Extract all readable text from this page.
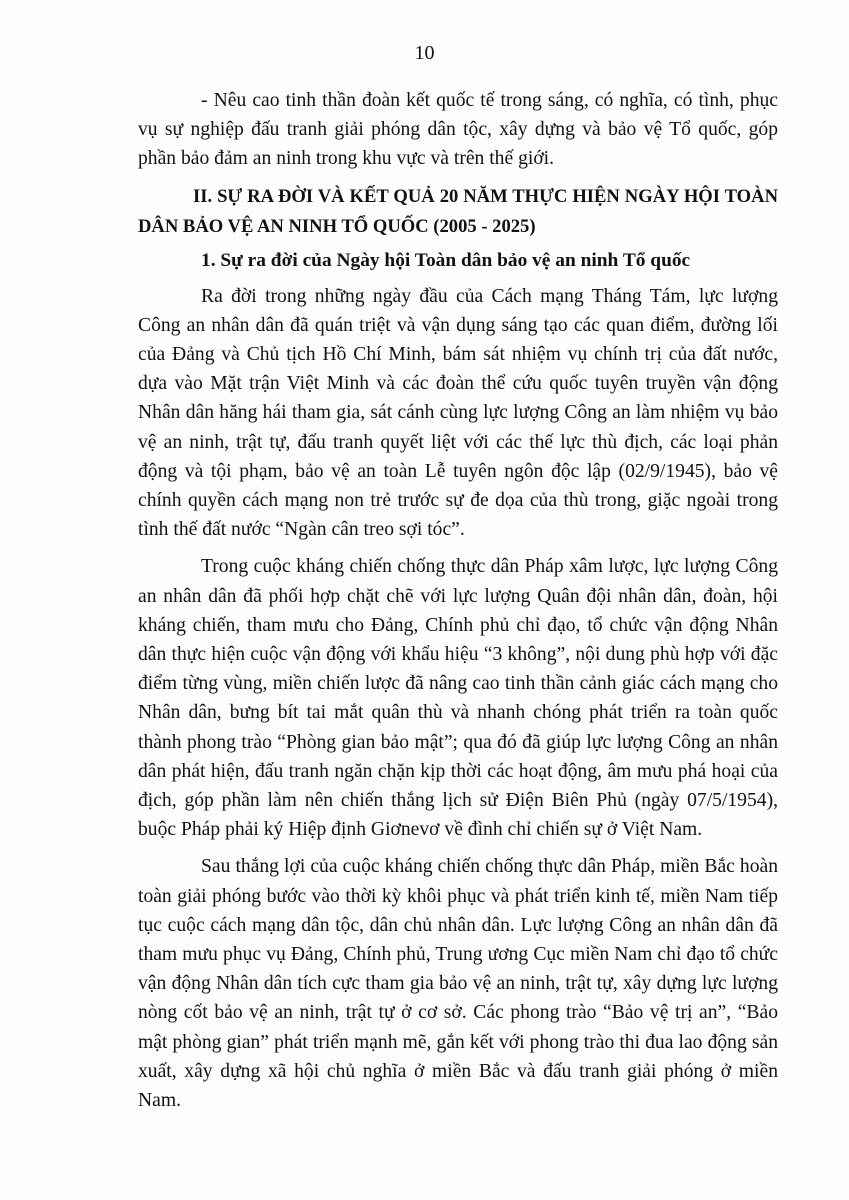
10

- Nêu cao tinh thần đoàn kết quốc tế trong sáng, có nghĩa, có tình, phục vụ sự nghiệp đấu tranh giải phóng dân tộc, xây dựng và bảo vệ Tổ quốc, góp phần bảo đảm an ninh trong khu vực và trên thế giới.

II. SỰ RA ĐỜI VÀ KẾT QUẢ 20 NĂM THỰC HIỆN NGÀY HỘI TOÀN DÂN BẢO VỆ AN NINH TỔ QUỐC (2005 - 2025)
1. Sự ra đời của Ngày hội Toàn dân bảo vệ an ninh Tổ quốc

Ra đời trong những ngày đầu của Cách mạng Tháng Tám, lực lượng Công an nhân dân đã quán triệt và vận dụng sáng tạo các quan điểm, đường lối của Đảng và Chủ tịch Hồ Chí Minh, bám sát nhiệm vụ chính trị của đất nước, dựa vào Mặt trận Việt Minh và các đoàn thể cứu quốc tuyên truyền vận động Nhân dân hăng hái tham gia, sát cánh cùng lực lượng Công an làm nhiệm vụ bảo vệ an ninh, trật tự, đấu tranh quyết liệt với các thế lực thù địch, các loại phản động và tội phạm, bảo vệ an toàn Lễ tuyên ngôn độc lập (02/9/1945), bảo vệ chính quyền cách mạng non trẻ trước sự đe dọa của thù trong, giặc ngoài trong tình thế đất nước “Ngàn cân treo sợi tóc”.

Trong cuộc kháng chiến chống thực dân Pháp xâm lược, lực lượng Công an nhân dân đã phối hợp chặt chẽ với lực lượng Quân đội nhân dân, đoàn, hội kháng chiến, tham mưu cho Đảng, Chính phủ chỉ đạo, tổ chức vận động Nhân dân thực hiện cuộc vận động với khẩu hiệu “3 không”, nội dung phù hợp với đặc điểm từng vùng, miền chiến lược đã nâng cao tinh thần cảnh giác cách mạng cho Nhân dân, bưng bít tai mắt quân thù và nhanh chóng phát triển ra toàn quốc thành phong trào “Phòng gian bảo mật”; qua đó đã giúp lực lượng Công an nhân dân phát hiện, đấu tranh ngăn chặn kịp thời các hoạt động, âm mưu phá hoại của địch, góp phần làm nên chiến thắng lịch sử Điện Biên Phủ (ngày 07/5/1954), buộc Pháp phải ký Hiệp định Giơnevơ về đình chỉ chiến sự ở Việt Nam.

Sau thắng lợi của cuộc kháng chiến chống thực dân Pháp, miền Bắc hoàn toàn giải phóng bước vào thời kỳ khôi phục và phát triển kinh tế, miền Nam tiếp tục cuộc cách mạng dân tộc, dân chủ nhân dân. Lực lượng Công an nhân dân đã tham mưu phục vụ Đảng, Chính phủ, Trung ương Cục miền Nam chỉ đạo tổ chức vận động Nhân dân tích cực tham gia bảo vệ an ninh, trật tự, xây dựng lực lượng nòng cốt bảo vệ an ninh, trật tự ở cơ sở. Các phong trào “Bảo vệ trị an”, “Bảo mật phòng gian” phát triển mạnh mẽ, gắn kết với phong trào thi đua lao động sản xuất, xây dựng xã hội chủ nghĩa ở miền Bắc và đấu tranh giải phóng ở miền Nam.
